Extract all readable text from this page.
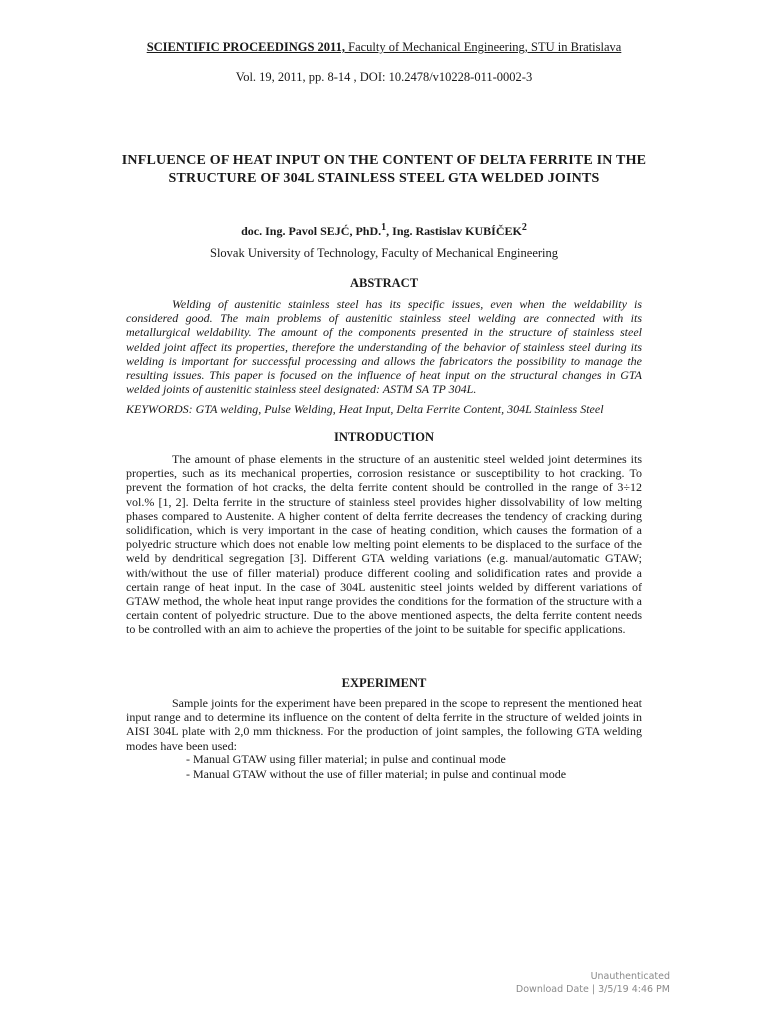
SCIENTIFIC PROCEEDINGS 2011, Faculty of Mechanical Engineering, STU in Bratislava
Vol. 19, 2011, pp. 8-14 , DOI: 10.2478/v10228-011-0002-3
INFLUENCE OF HEAT INPUT ON THE CONTENT OF DELTA FERRITE IN THE STRUCTURE OF 304L STAINLESS STEEL GTA WELDED JOINTS
doc. Ing. Pavol SEJĆ, PhD.$^1$, Ing. Rastislav KUBÍČEK$^2$
Slovak University of Technology, Faculty of Mechanical Engineering
ABSTRACT

Welding of austenitic stainless steel has its specific issues, even when the weldability is considered good. The main problems of austenitic stainless steel welding are connected with its metallurgical weldability. The amount of the components presented in the structure of stainless steel welded joint affect its properties, therefore the understanding of the behavior of stainless steel during its welding is important for successful processing and allows the fabricators the possibility to manage the resulting issues. This paper is focused on the influence of heat input on the structural changes in GTA welded joints of austenitic stainless steel designated: ASTM SA TP 304L.

KEYWORDS: GTA welding, Pulse Welding, Heat Input, Delta Ferrite Content, 304L Stainless Steel
INTRODUCTION

The amount of phase elements in the structure of an austenitic steel welded joint determines its properties, such as its mechanical properties, corrosion resistance or susceptibility to hot cracking. To prevent the formation of hot cracks, the delta ferrite content should be controlled in the range of 3÷12 vol.% [1, 2]. Delta ferrite in the structure of stainless steel provides higher dissolvability of low melting phases compared to Austenite. A higher content of delta ferrite decreases the tendency of cracking during solidification, which is very important in the case of heating condition, which causes the formation of a polyedric structure which does not enable low melting point elements to be displaced to the surface of the weld by dendritical segregation [3]. Different GTA welding variations (e.g. manual/automatic GTAW; with/without the use of filler material) produce different cooling and solidification rates and provide a certain range of heat input. In the case of 304L austenitic steel joints welded by different variations of GTAW method, the whole heat input range provides the conditions for the formation of the structure with a certain content of polyedric structure. Due to the above mentioned aspects, the delta ferrite content needs to be controlled with an aim to achieve the properties of the joint to be suitable for specific applications.

EXPERIMENT

Sample joints for the experiment have been prepared in the scope to represent the mentioned heat input range and to determine its influence on the content of delta ferrite in the structure of welded joints in AISI 304L plate with 2,0 mm thickness. For the production of joint samples, the following GTA welding modes have been used:

- Manual GTAW using filler material; in pulse and continual mode
- Manual GTAW without the use of filler material; in pulse and continual mode
Unauthenticated
Download Date | 3/5/19 4:46 PM
